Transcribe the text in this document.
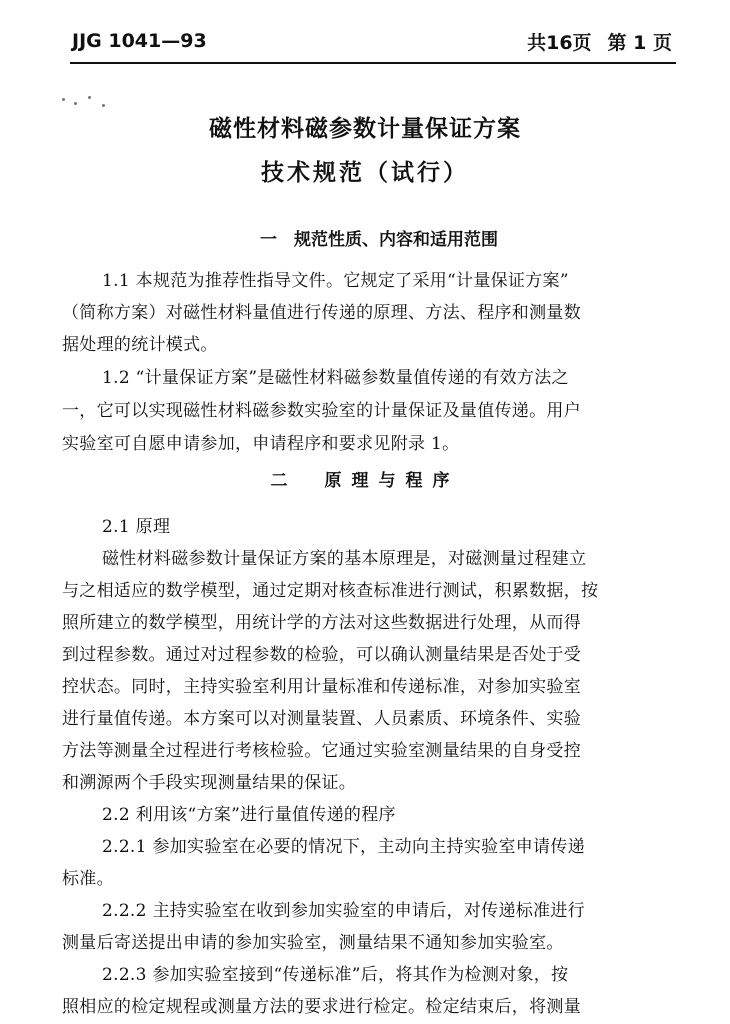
JJG 1041—93	共16页 第 1 页
磁性材料磁参数计量保证方案
技术规范（试行）
一　规范性质、内容和适用范围
1.1 本规范为推荐性指导文件。它规定了采用“计量保证方案”
（简称方案）对磁性材料量值进行传递的原理、方法、程序和测量数
据处理的统计模式。
1.2 “计量保证方案”是磁性材料磁参数量值传递的有效方法之
一，它可以实现磁性材料磁参数实验室的计量保证及量值传递。用户
实验室可自愿申请参加，申请程序和要求见附录 1。
二　原理与程序
2.1 原理
磁性材料磁参数计量保证方案的基本原理是，对磁测量过程建立
与之相适应的数学模型，通过定期对核查标准进行测试，积累数据，按
照所建立的数学模型，用统计学的方法对这些数据进行处理，从而得
到过程参数。通过对过程参数的检验，可以确认测量结果是否处于受
控状态。同时，主持实验室利用计量标准和传递标准，对参加实验室
进行量值传递。本方案可以对测量装置、人员素质、环境条件、实验
方法等测量全过程进行考核检验。它通过实验室测量结果的自身受控
和溯源两个手段实现测量结果的保证。
2.2 利用该“方案”进行量值传递的程序
2.2.1 参加实验室在必要的情况下，主动向主持实验室申请传递
标准。
2.2.2 主持实验室在收到参加实验室的申请后，对传递标准进行
测量后寄送提出申请的参加实验室，测量结果不通知参加实验室。
2.2.3 参加实验室接到“传递标准”后，将其作为检测对象，按
照相应的检定规程或测量方法的要求进行检定。检定结束后，将测量
